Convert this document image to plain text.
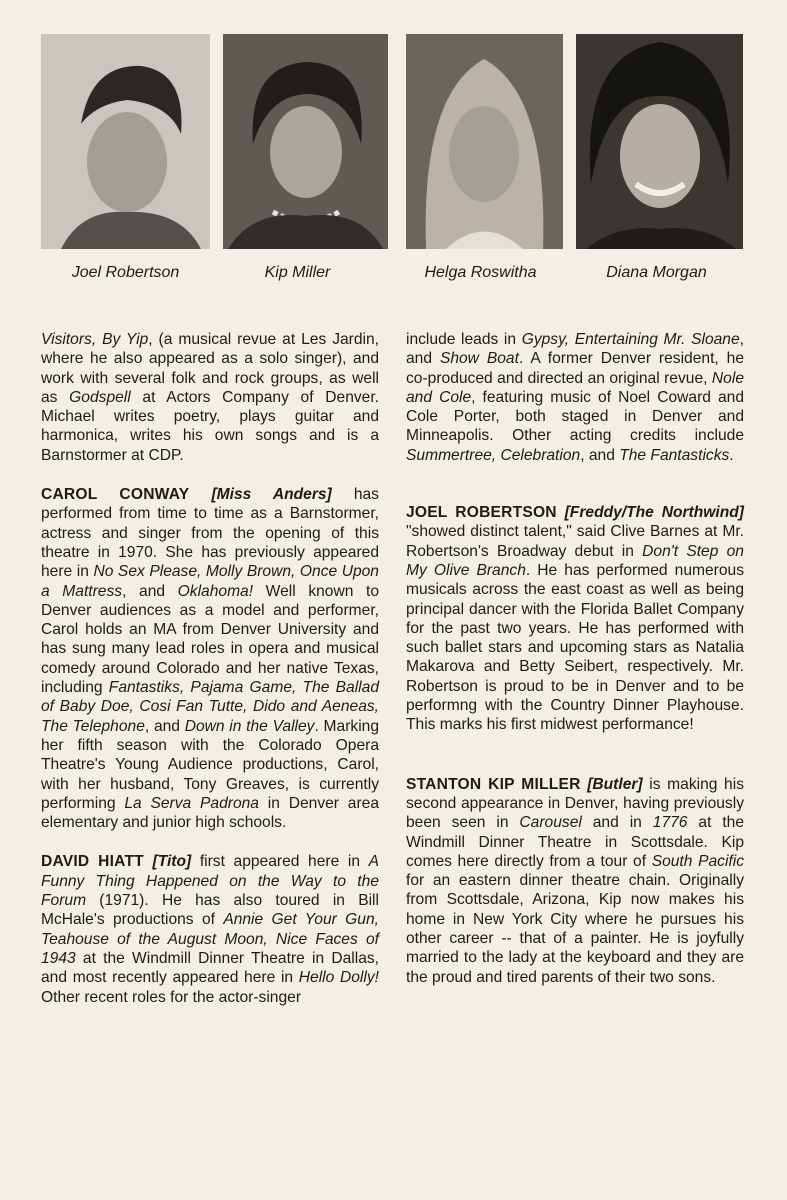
Joel Robertson	Kip Miller	Helga Roswitha	Diana Morgan

Visitors, By Yip, (a musical revue at Les Jardin, where he also appeared as a solo singer), and work with several folk and rock groups, as well as Godspell at Actors Company of Denver. Michael writes poetry, plays guitar and harmonica, writes his own songs and is a Barnstormer at CDP.

CAROL CONWAY [Miss Anders] has performed from time to time as a Barnstormer, actress and singer from the opening of this theatre in 1970. She has previously appeared here in No Sex Please, Molly Brown, Once Upon a Mattress, and Oklahoma! Well known to Denver audiences as a model and performer, Carol holds an MA from Denver University and has sung many lead roles in opera and musical comedy around Colorado and her native Texas, including Fantastiks, Pajama Game, The Ballad of Baby Doe, Cosi Fan Tutte, Dido and Aeneas, The Telephone, and Down in the Valley. Marking her fifth season with the Colorado Opera Theatre's Young Audience productions, Carol, with her husband, Tony Greaves, is currently performing La Serva Padrona in Denver area elementary and junior high schools.

DAVID HIATT [Tito] first appeared here in A Funny Thing Happened on the Way to the Forum (1971). He has also toured in Bill McHale's productions of Annie Get Your Gun, Teahouse of the August Moon, Nice Faces of 1943 at the Windmill Dinner Theatre in Dallas, and most recently appeared here in Hello Dolly! Other recent roles for the actor-singer

include leads in Gypsy, Entertaining Mr. Sloane, and Show Boat. A former Denver resident, he co-produced and directed an original revue, Nole and Cole, featuring music of Noel Coward and Cole Porter, both staged in Denver and Minneapolis. Other acting credits include Summertree, Celebration, and The Fantasticks.

JOEL ROBERTSON [Freddy/The Northwind] "showed distinct talent," said Clive Barnes at Mr. Robertson's Broadway debut in Don't Step on My Olive Branch. He has performed numerous musicals across the east coast as well as being principal dancer with the Florida Ballet Company for the past two years. He has performed with such ballet stars and upcoming stars as Natalia Makarova and Betty Seibert, respectively. Mr. Robertson is proud to be in Denver and to be performng with the Country Dinner Playhouse. This marks his first midwest performance!

STANTON KIP MILLER [Butler] is making his second appearance in Denver, having previously been seen in Carousel and in 1776 at the Windmill Dinner Theatre in Scottsdale. Kip comes here directly from a tour of South Pacific for an eastern dinner theatre chain. Originally from Scottsdale, Arizona, Kip now makes his home in New York City where he pursues his other career -- that of a painter. He is joyfully married to the lady at the keyboard and they are the proud and tired parents of their two sons.
